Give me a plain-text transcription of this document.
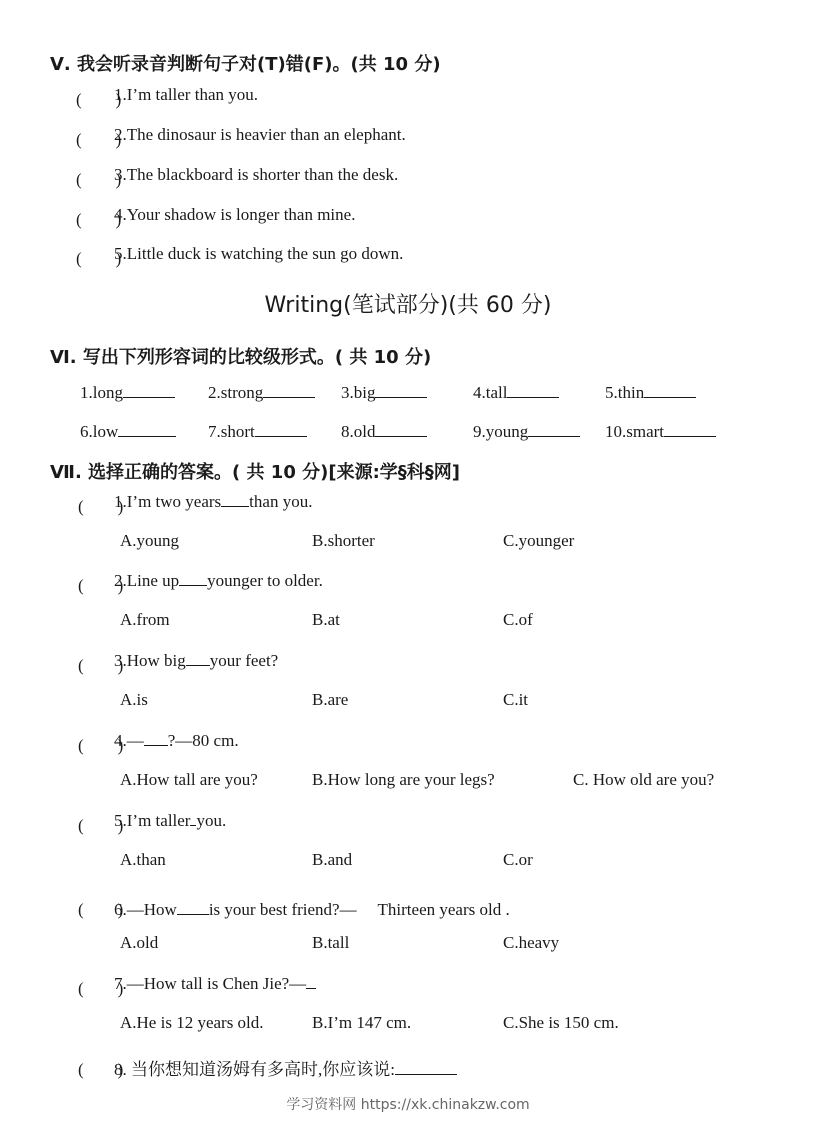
Ⅴ. 我会听录音判断句子对(T)错(F)。(共 10 分)
(　　)
1.I’m taller than you.
(　　)
2.The dinosaur is heavier than an elephant.
(　　)
3.The blackboard is shorter than the desk.
(　　)
4.Your shadow is longer than mine.
(　　)
5.Little duck is watching the sun go down.
Writing(笔试部分)(共 60 分)
Ⅵ. 写出下列形容词的比较级形式。( 共 10 分)
1.long	2.strong	3.big	4.tall	5.thin
6.low	7.short	8.old	9.young	10.smart
Ⅶ. 选择正确的答案。( 共 10 分)[来源:学§科§网]
(　　)
1.I’m two years than you.
A.young	B.shorter	C.younger
(　　)
2.Line up younger to older.
A.from	B.at	C.of
(　　)
3.How big your feet?
A.is	B.are	C.it
(　　)
4.— ?—80 cm.
A.How tall are you?	B.How long are your legs?	C. How old are you?
(　　)
5.I’m taller you.
A.than	B.and	C.or
(　　)
6.—How is your best friend?—　 Thirteen years old .
A.old	B.tall	C.heavy
(　　)
7.—How tall is Chen Jie?—
A.He is 12 years old.	B.I’m 147 cm.	C.She is 150 cm.
(　　)
8. 当你想知道汤姆有多高时,你应该说:
学习资料网 https://xk.chinakzw.com
